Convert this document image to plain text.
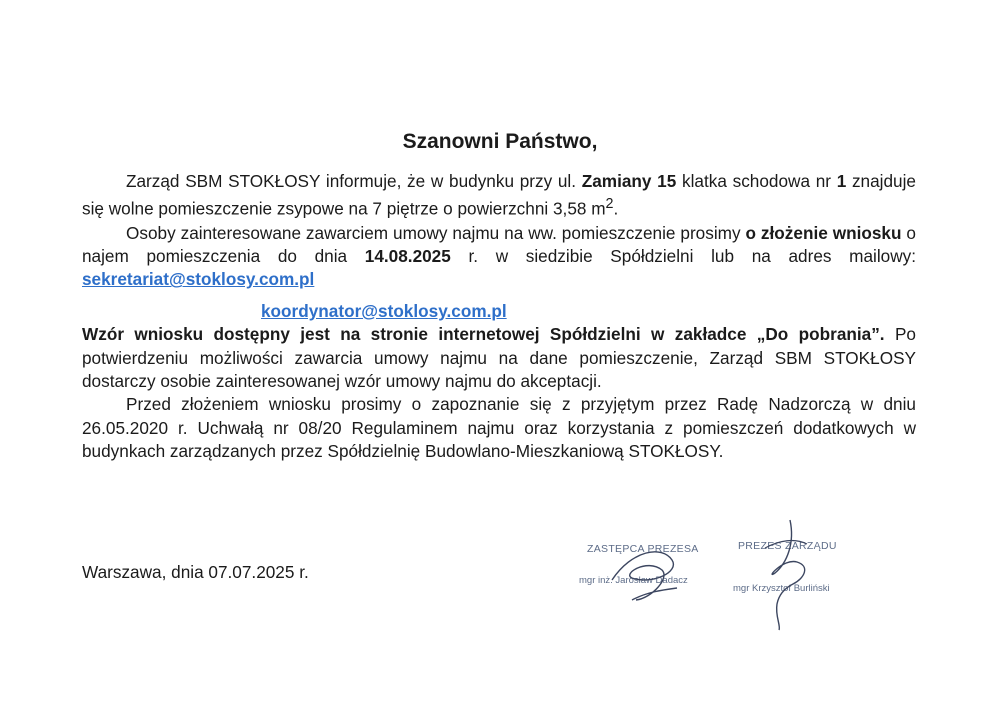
Szanowni Państwo,

Zarząd SBM STOKŁOSY informuje, że w budynku przy ul. Zamiany 15 klatka schodowa nr 1 znajduje się wolne pomieszczenie zsypowe na 7 piętrze o powierzchni 3,58 $m^2$.

Osoby zainteresowane zawarciem umowy najmu na ww. pomieszczenie prosimy o złożenie wniosku o najem pomieszczenia do dnia 14.08.2025 r. w siedzibie Spółdzielni lub na adres mailowy: sekretariat@stoklosy.com.pl
koordynator@stoklosy.com.pl

Wzór wniosku dostępny jest na stronie internetowej Spółdzielni w zakładce „Do pobrania”. Po potwierdzeniu możliwości zawarcia umowy najmu na dane pomieszczenie, Zarząd SBM STOKŁOSY dostarczy osobie zainteresowanej wzór umowy najmu do akceptacji.

Przed złożeniem wniosku prosimy o zapoznanie się z przyjętym przez Radę Nadzorczą w dniu 26.05.2020 r. Uchwałą nr 08/20 Regulaminem najmu oraz korzystania z pomieszczeń dodatkowych w budynkach zarządzanych przez Spółdzielnię Budowlano-Mieszkaniową STOKŁOSY.

Warszawa, dnia 07.07.2025 r.

ZASTĘPCA PREZESA
mgr inż. Jarosław Dadacz
PREZES ZARZĄDU
mgr Krzysztof Burliński
